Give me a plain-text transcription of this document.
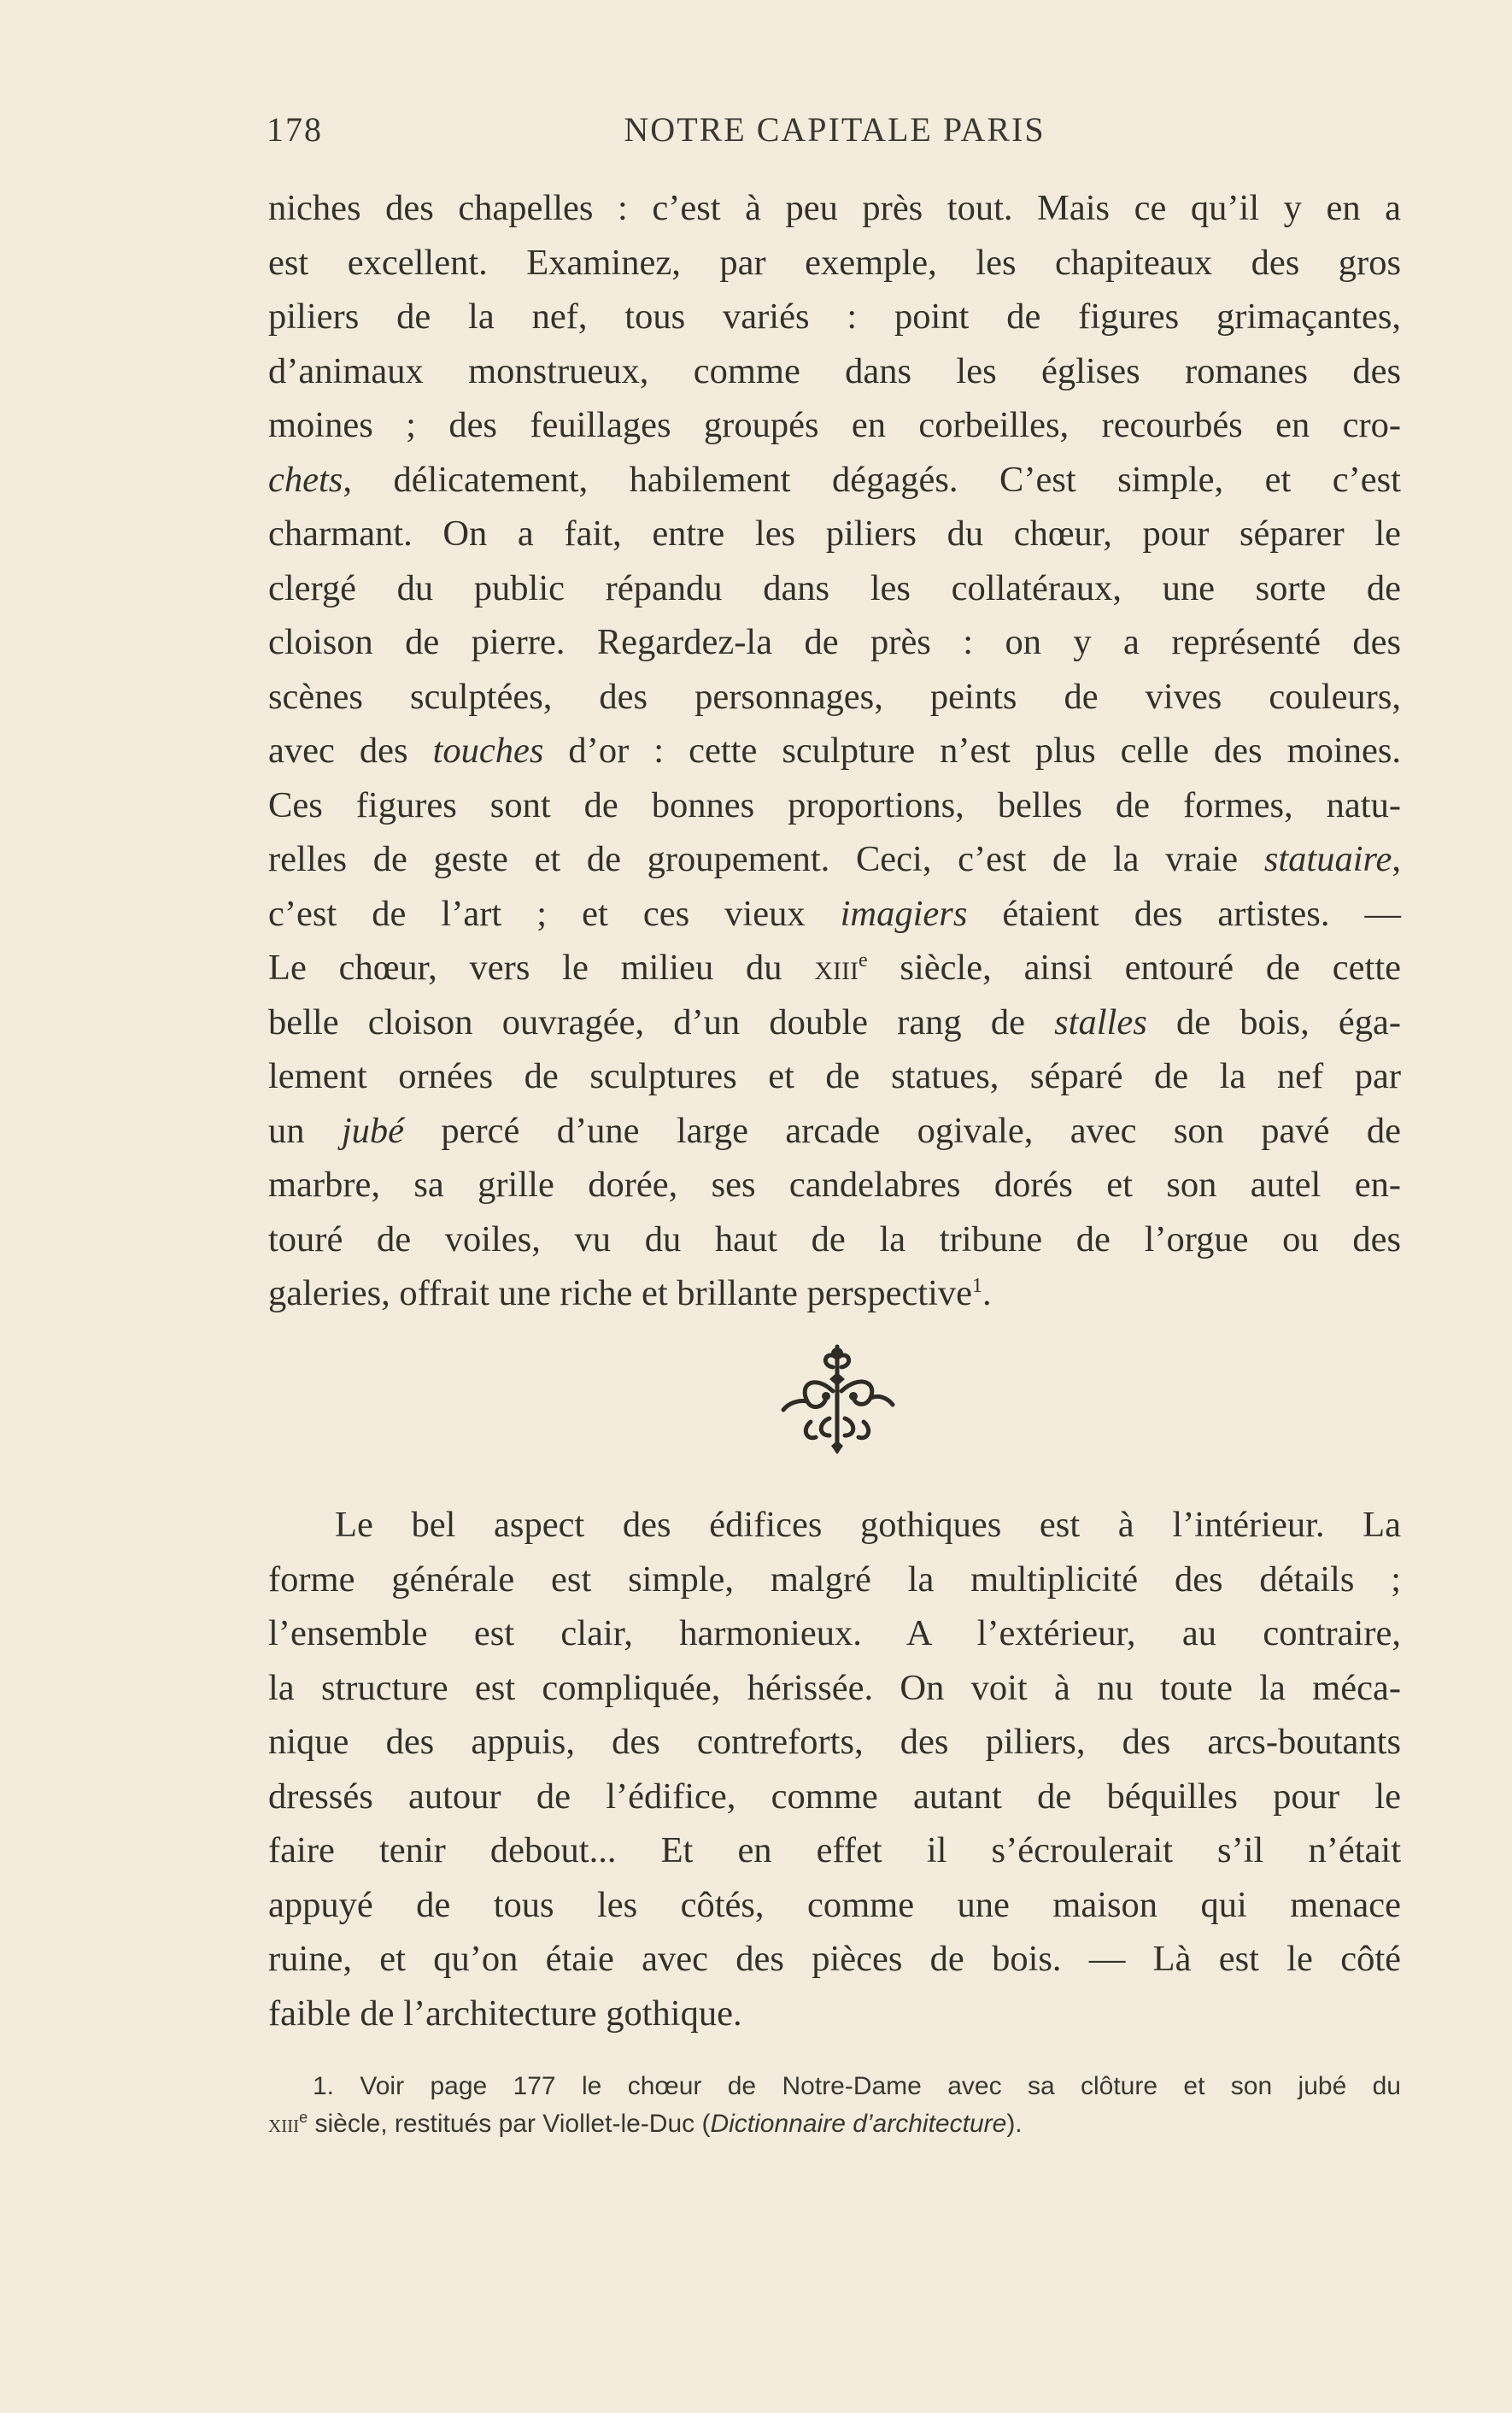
178	NOTRE CAPITALE PARIS
niches des chapelles : c’est à peu près tout. Mais ce qu’il y en a
est excellent. Examinez, par exemple, les chapiteaux des gros
piliers de la nef, tous variés : point de figures grimaçantes,
d’animaux monstrueux, comme dans les églises romanes des
moines ; des feuillages groupés en corbeilles, recourbés en cro-
chets, délicatement, habilement dégagés. C’est simple, et c’est
charmant. On a fait, entre les piliers du chœur, pour séparer le
clergé du public répandu dans les collatéraux, une sorte de
cloison de pierre. Regardez-la de près : on y a représenté des
scènes sculptées, des personnages, peints de vives couleurs,
avec des touches d’or : cette sculpture n’est plus celle des moines.
Ces figures sont de bonnes proportions, belles de formes, natu-
relles de geste et de groupement. Ceci, c’est de la vraie statuaire,
c’est de l’art ; et ces vieux imagiers étaient des artistes. —
Le chœur, vers le milieu du xiii$^e$ siècle, ainsi entouré de cette
belle cloison ouvragée, d’un double rang de stalles de bois, éga-
lement ornées de sculptures et de statues, séparé de la nef par
un jubé percé d’une large arcade ogivale, avec son pavé de
marbre, sa grille dorée, ses candelabres dorés et son autel en-
touré de voiles, vu du haut de la tribune de l’orgue ou des
galeries, offrait une riche et brillante perspective$^1$.
Le bel aspect des édifices gothiques est à l’intérieur. La
forme générale est simple, malgré la multiplicité des détails ;
l’ensemble est clair, harmonieux. A l’extérieur, au contraire,
la structure est compliquée, hérissée. On voit à nu toute la méca-
nique des appuis, des contreforts, des piliers, des arcs-boutants
dressés autour de l’édifice, comme autant de béquilles pour le
faire tenir debout... Et en effet il s’écroulerait s’il n’était
appuyé de tous les côtés, comme une maison qui menace
ruine, et qu’on étaie avec des pièces de bois. — Là est le côté
faible de l’architecture gothique.
1. Voir page 177 le chœur de Notre-Dame avec sa clôture et son jubé du
xiii$^e$ siècle, restitués par Viollet-le-Duc (Dictionnaire d’architecture).
